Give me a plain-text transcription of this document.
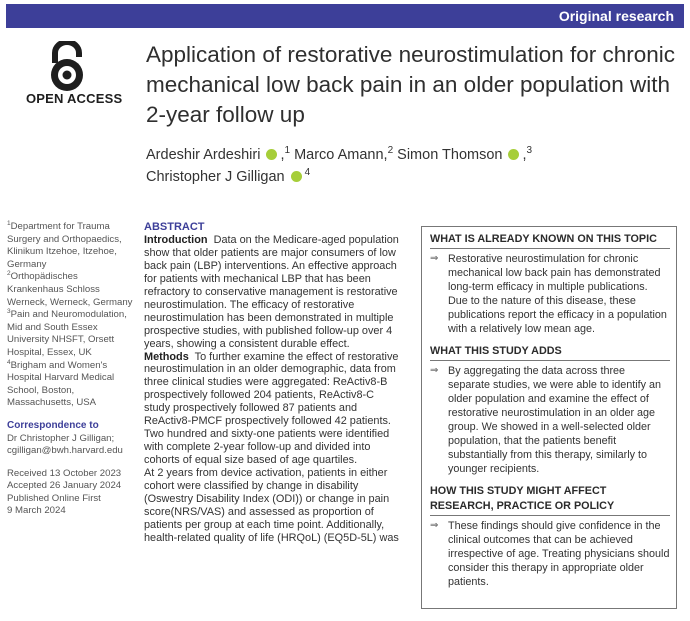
Original research
OPEN ACCESS
Application of restorative neurostimulation for chronic mechanical low back pain in an older population with 2-year follow up
Ardeshir Ardeshiri ,$^1$ Marco Amann,$^2$ Simon Thomson ,$^3$
Christopher J Gilligan $^4$
$^1$Department for Trauma Surgery and Orthopaedics, Klinikum Itzehoe, Itzehoe, Germany
$^2$Orthopädisches Krankenhaus Schloss Werneck, Werneck, Germany
$^3$Pain and Neuromodulation, Mid and South Essex University NHSFT, Orsett Hospital, Essex, UK
$^4$Brigham and Women's Hospital Harvard Medical School, Boston, Massachusetts, USA
Correspondence to
Dr Christopher J Gilligan;
cgilligan@bwh.harvard.edu
Received 13 October 2023
Accepted 26 January 2024
Published Online First
9 March 2024
ABSTRACT

Introduction Data on the Medicare-aged population show that older patients are major consumers of low back pain (LBP) interventions. An effective approach for patients with mechanical LBP that has been refractory to conservative management is restorative neurostimulation. The efficacy of restorative neurostimulation has been demonstrated in multiple prospective studies, with published follow-up over 4 years, showing a consistent durable effect.

Methods To further examine the effect of restorative neurostimulation in an older demographic, data from three clinical studies were aggregated: ReActiv8-B prospectively followed 204 patients, ReActiv8-C study prospectively followed 87 patients and ReActiv8-PMCF prospectively followed 42 patients.

Two hundred and sixty-one patients were identified with complete 2-year follow-up and divided into cohorts of equal size based of age quartiles.

At 2 years from device activation, patients in either cohort were classified by change in disability (Oswestry Disability Index (ODI)) or change in pain score(NRS/VAS) and assessed as proportion of patients per group at each time point. Additionally, health-related quality of life (HRQoL) (EQ5D-5L) was

WHAT IS ALREADY KNOWN ON THIS TOPIC
⇒ Restorative neurostimulation for chronic mechanical low back pain has demonstrated long-term efficacy in multiple publications. Due to the nature of this disease, these publications report the efficacy in a population with a relatively low mean age.
WHAT THIS STUDY ADDS
⇒ By aggregating the data across three separate studies, we were able to identify an older population and examine the effect of restorative neurostimulation in an older age group. We showed in a well-selected older population, that the patients benefit substantially from this therapy, similarly to younger recipients.
HOW THIS STUDY MIGHT AFFECT RESEARCH, PRACTICE OR POLICY
⇒ These findings should give confidence in the clinical outcomes that can be achieved irrespective of age. Treating physicians should consider this therapy in appropriate older patients.
